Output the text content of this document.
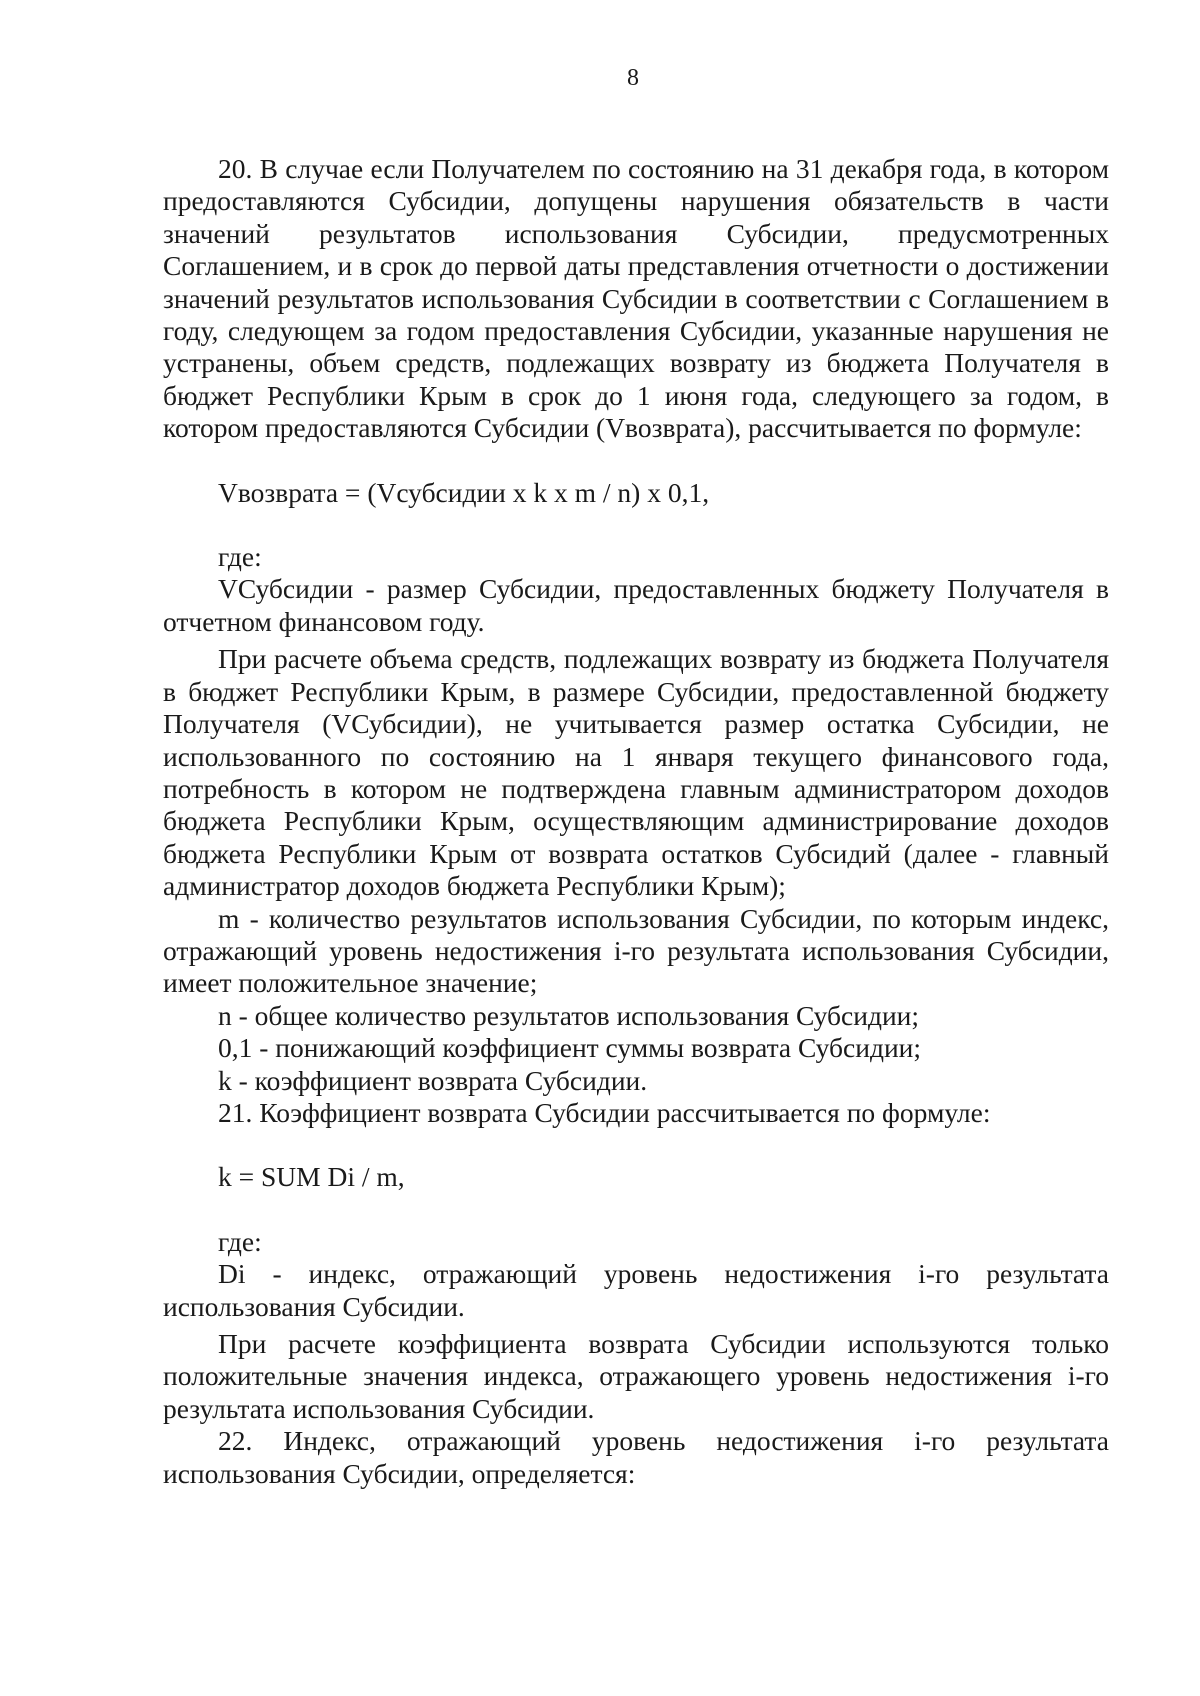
8

20. В случае если Получателем по состоянию на 31 декабря года, в котором предоставляются Субсидии, допущены нарушения обязательств в части значений результатов использования Субсидии, предусмотренных Соглашением, и в срок до первой даты представления отчетности о достижении значений результатов использования Субсидии в соответствии с Соглашением в году, следующем за годом предоставления Субсидии, указанные нарушения не устранены, объем средств, подлежащих возврату из бюджета Получателя в бюджет Республики Крым в срок до 1 июня года, следующего за годом, в котором предоставляются Субсидии (Vвозврата), рассчитывается по формуле:

Vвозврата = (Vсубсидии х k х m / n) х 0,1,

где:

VСубсидии - размер Субсидии, предоставленных бюджету Получателя в отчетном финансовом году.

При расчете объема средств, подлежащих возврату из бюджета Получателя в бюджет Республики Крым, в размере Субсидии, предоставленной бюджету Получателя (VСубсидии), не учитывается размер остатка Субсидии, не использованного по состоянию на 1 января текущего финансового года, потребность в котором не подтверждена главным администратором доходов бюджета Республики Крым, осуществляющим администрирование доходов бюджета Республики Крым от возврата остатков Субсидий (далее - главный администратор доходов бюджета Республики Крым);

m - количество результатов использования Субсидии, по которым индекс, отражающий уровень недостижения i-го результата использования Субсидии, имеет положительное значение;

n - общее количество результатов использования Субсидии;

0,1 - понижающий коэффициент суммы возврата Субсидии;

k - коэффициент возврата Субсидии.

21. Коэффициент возврата Субсидии рассчитывается по формуле:

k = SUM Di / m,

где:

Di - индекс, отражающий уровень недостижения i-го результата использования Субсидии.

При расчете коэффициента возврата Субсидии используются только положительные значения индекса, отражающего уровень недостижения i-го результата использования Субсидии.

22. Индекс, отражающий уровень недостижения i-го результата использования Субсидии, определяется:
